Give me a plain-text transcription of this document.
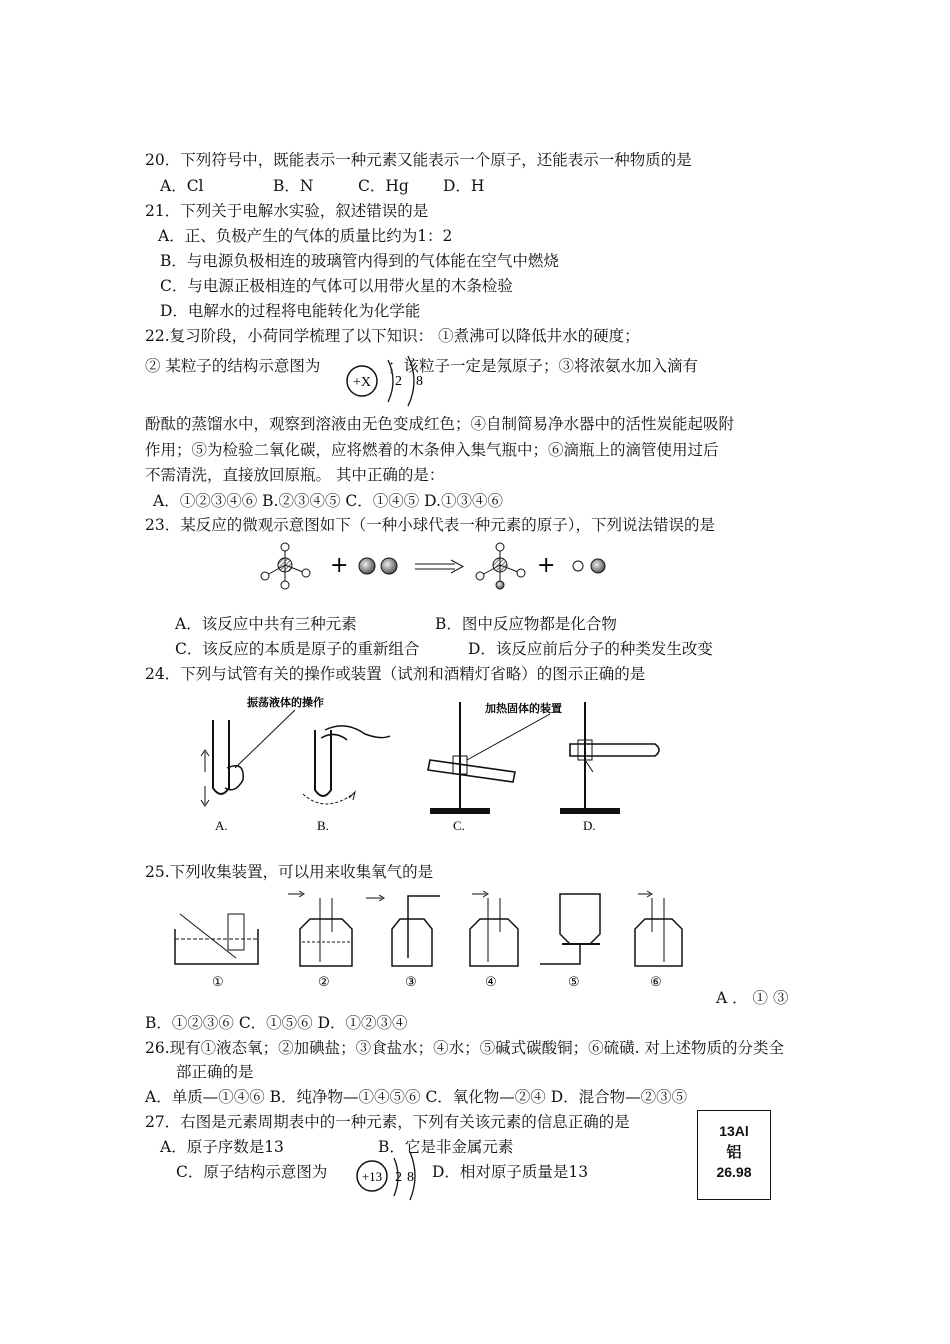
20．下列符号中，既能表示一种元素又能表示一个原子，还能表示一种物质的是
A．Cl	B．N	C．Hg D．H
21．下列关于电解水实验，叙述错误的是
A．正、负极产生的气体的质量比约为1：2
B．与电源负极相连的玻璃管内得到的气体能在空气中燃烧
C．与电源正极相连的气体可以用带火星的木条检验
D．电解水的过程将电能转化为化学能
22.复习阶段，小荷同学梳理了以下知识： ①煮沸可以降低井水的硬度；
② 某粒子的结构示意图为
+X 2 8
；该粒子一定是氖原子；③将浓氨水加入滴有
酚酞的蒸馏水中，观察到溶液由无色变成红色；④自制简易净水器中的活性炭能起吸附
作用；⑤为检验二氧化碳，应将燃着的木条伸入集气瓶中；⑥滴瓶上的滴管使用过后
不需清洗，直接放回原瓶。 其中正确的是：
A．①②③④⑥ B.②③④⑤ C．①④⑤ D.①③④⑥
23．某反应的微观示意图如下（一种小球代表一种元素的原子），下列说法错误的是
+	+
A．该反应中共有三种元素	B．图中反应物都是化合物
C．该反应的本质是原子的重新组合	D．该反应前后分子的种类发生改变
24．下列与试管有关的操作或装置（试剂和酒精灯省略）的图示正确的是
振荡液体的操作	加热固体的装置
A.	B.	C.	D.
25.下列收集装置，可以用来收集氧气的是
①	②	③	④	⑤	⑥
A ． ① ③
B．①②③⑥ C．①⑤⑥ D．①②③④
26.现有①液态氧；②加碘盐；③食盐水；④水；⑤碱式碳酸铜；⑥硫磺. 对上述物质的分类全
部正确的是
A．单质—①④⑥ B．纯净物—①④⑤⑥ C．氧化物—②④ D．混合物—②③⑤
27．右图是元素周期表中的一种元素，下列有关该元素的信息正确的是
A．原子序数是13	B．它是非金属元素
C．原子结构示意图为	+13 2 8 D．相对原子质量是13
13Al
铝
26.98
